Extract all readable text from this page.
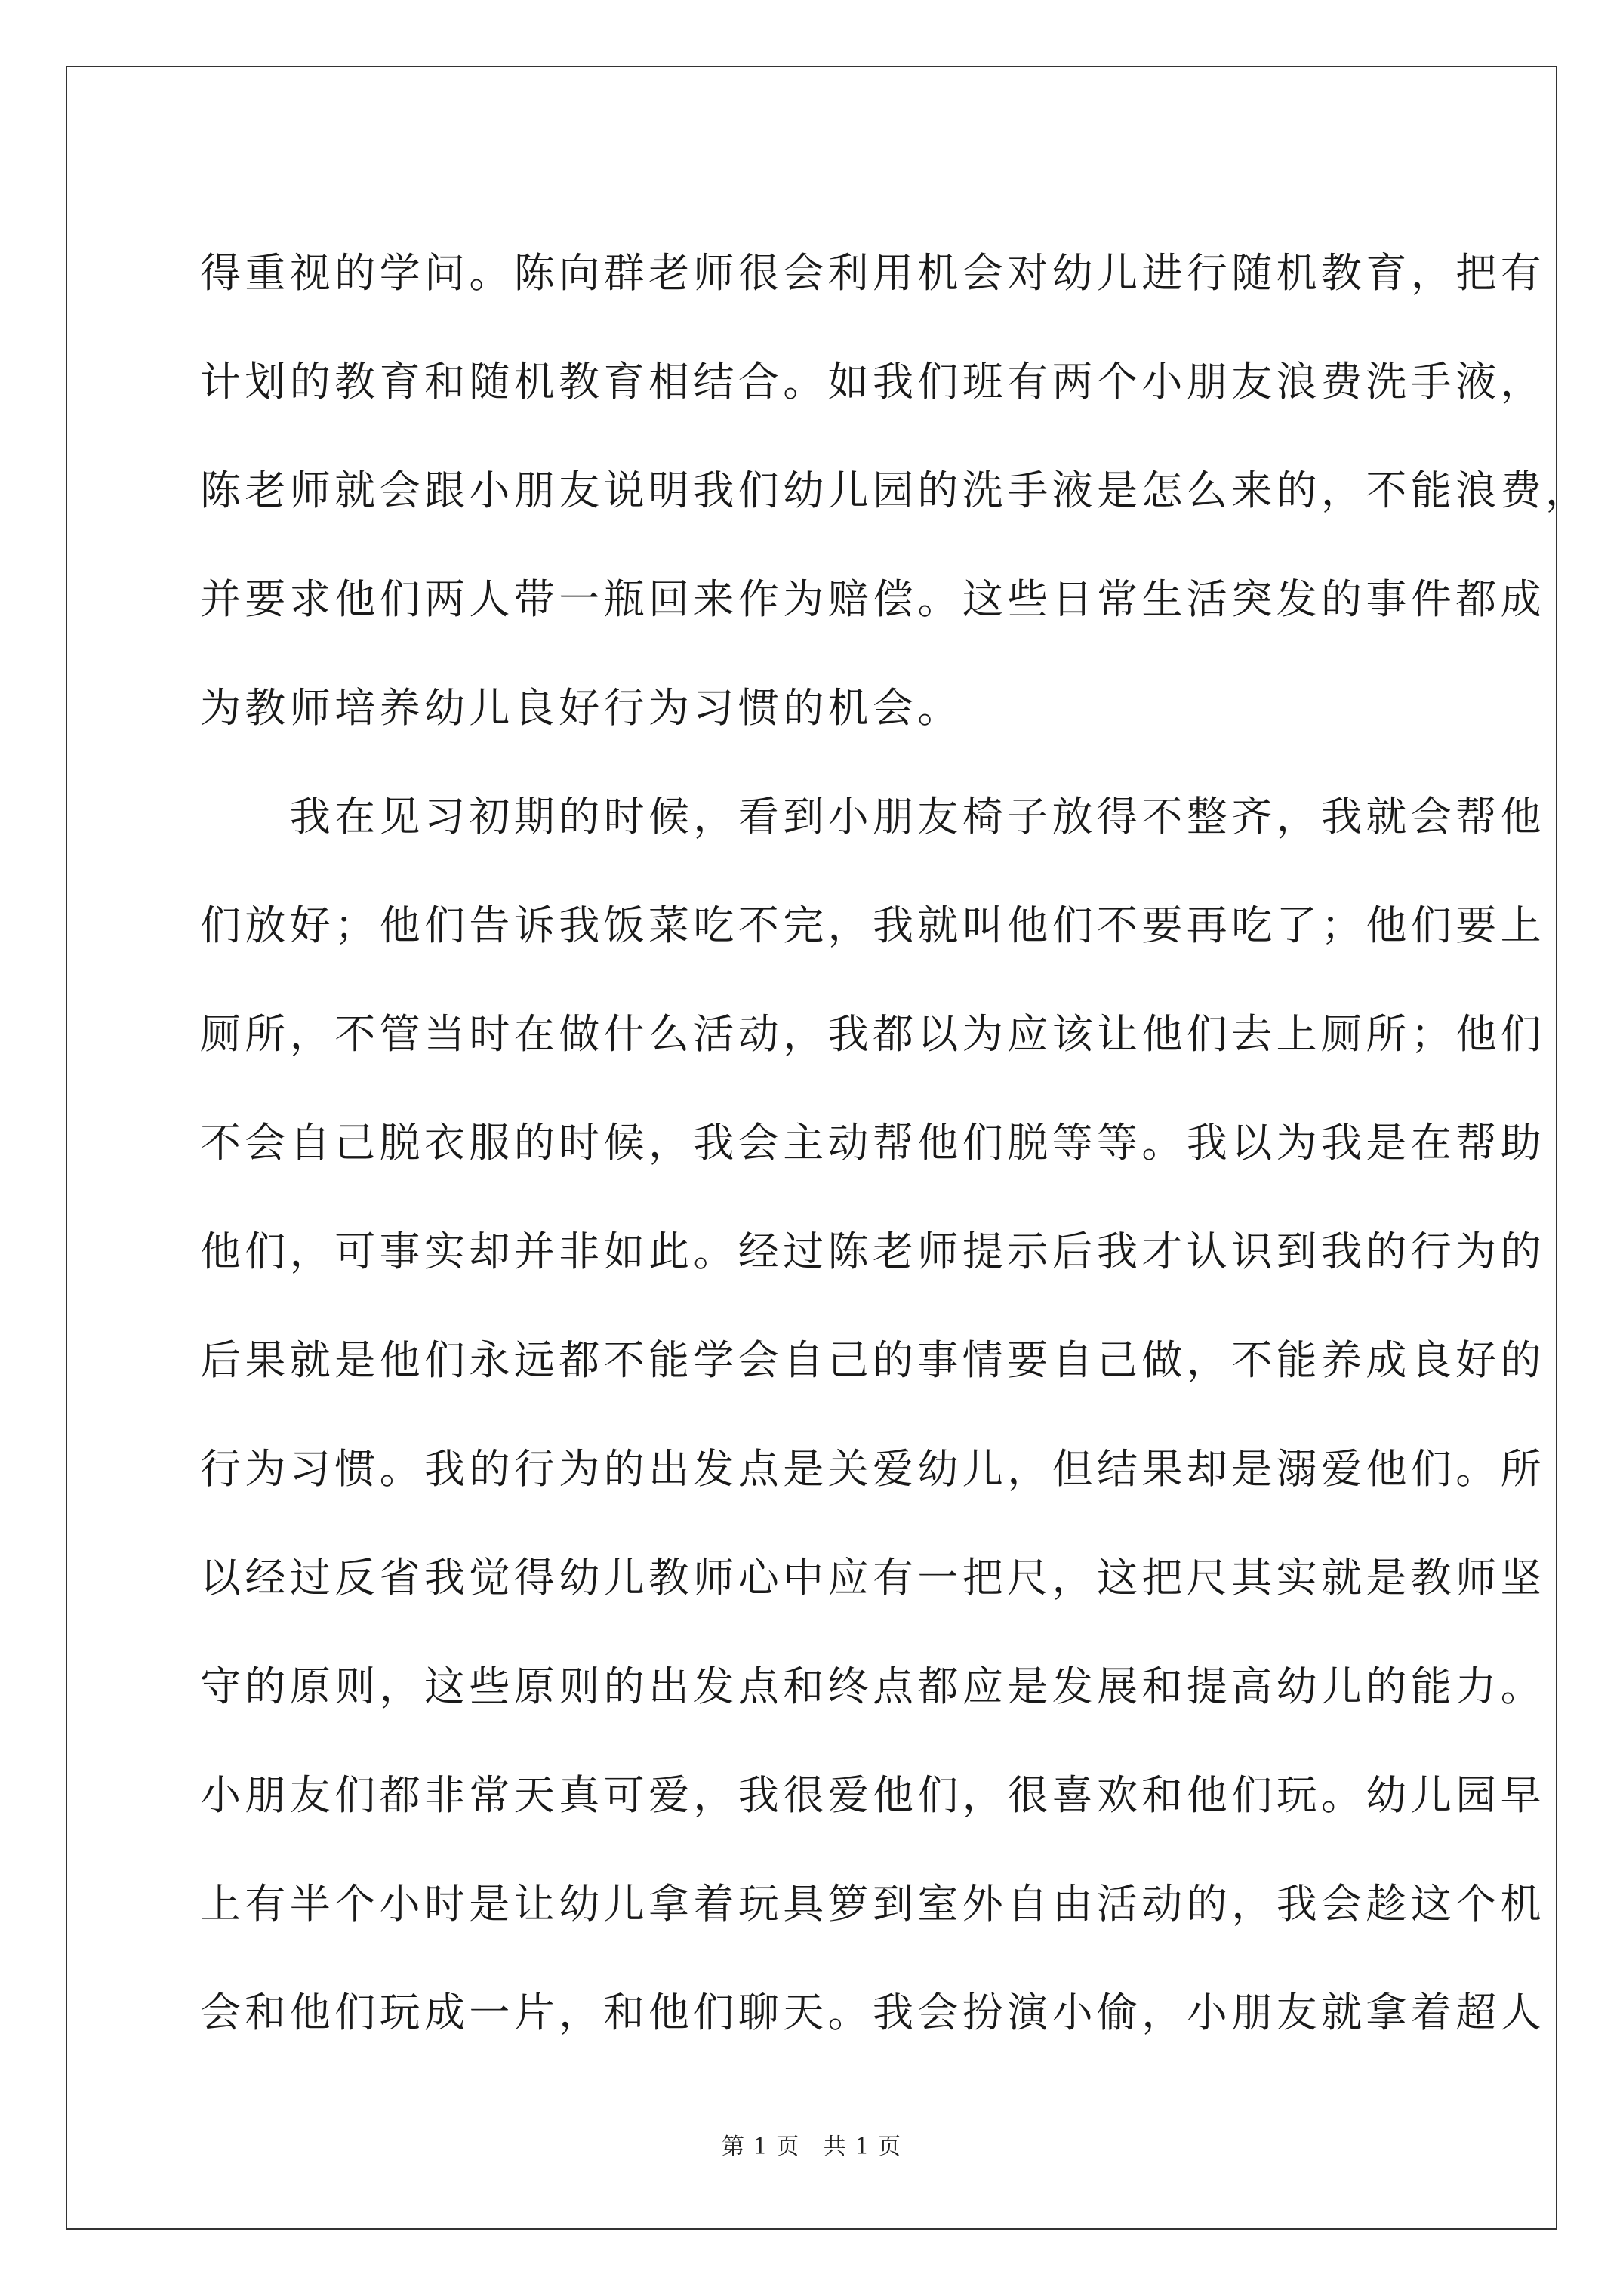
得重视的学问。陈向群老师很会利用机会对幼儿进行随机教育，把有
计划的教育和随机教育相结合。如我们班有两个小朋友浪费洗手液，
陈老师就会跟小朋友说明我们幼儿园的洗手液是怎么来的，不能浪费，
并要求他们两人带一瓶回来作为赔偿。这些日常生活突发的事件都成
为教师培养幼儿良好行为习惯的机会。
　　我在见习初期的时候，看到小朋友椅子放得不整齐，我就会帮他
们放好；他们告诉我饭菜吃不完，我就叫他们不要再吃了；他们要上
厕所，不管当时在做什么活动，我都以为应该让他们去上厕所；他们
不会自己脱衣服的时候，我会主动帮他们脱等等。我以为我是在帮助
他们，可事实却并非如此。经过陈老师提示后我才认识到我的行为的
后果就是他们永远都不能学会自己的事情要自己做，不能养成良好的
行为习惯。我的行为的出发点是关爱幼儿，但结果却是溺爱他们。所
以经过反省我觉得幼儿教师心中应有一把尺，这把尺其实就是教师坚
守的原则，这些原则的出发点和终点都应是发展和提高幼儿的能力。
小朋友们都非常天真可爱，我很爱他们，很喜欢和他们玩。幼儿园早
上有半个小时是让幼儿拿着玩具箩到室外自由活动的，我会趁这个机
会和他们玩成一片，和他们聊天。我会扮演小偷，小朋友就拿着超人
第 1 页   共 1 页
